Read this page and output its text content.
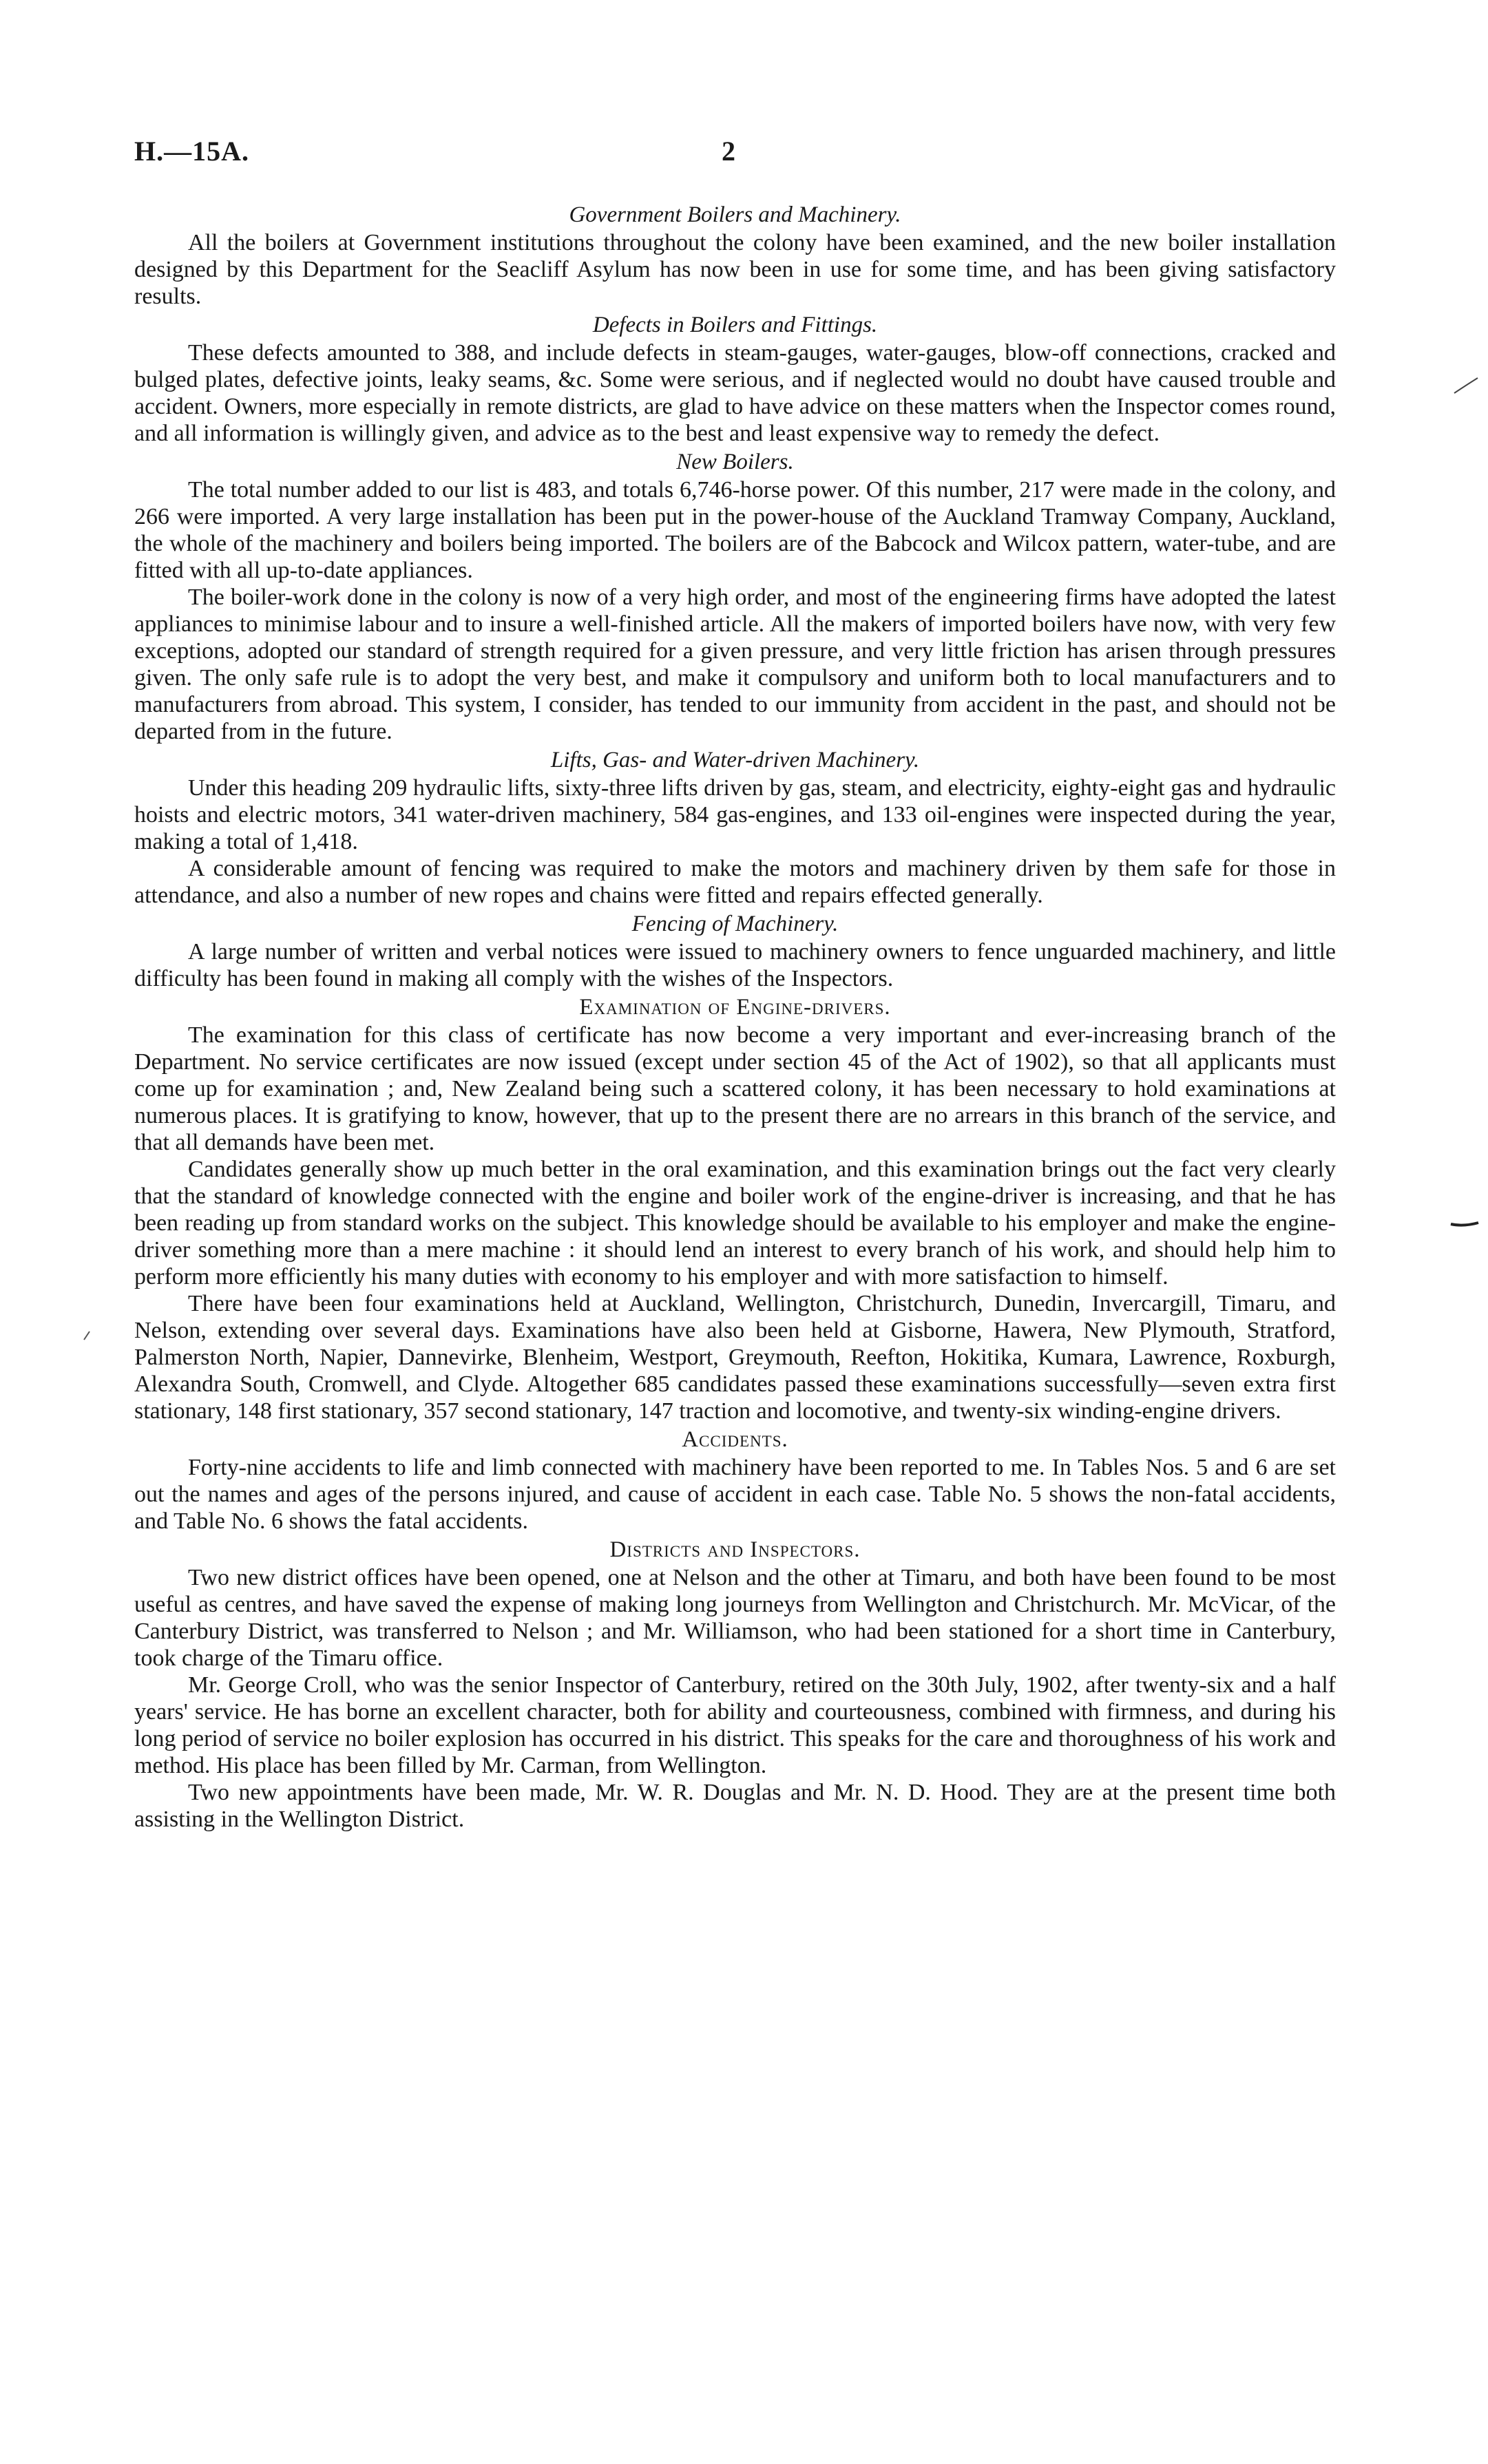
H.—15A.	2
Government Boilers and Machinery.

All the boilers at Government institutions throughout the colony have been examined, and the new boiler installation designed by this Department for the Seacliff Asylum has now been in use for some time, and has been giving satisfactory results.

Defects in Boilers and Fittings.

These defects amounted to 388, and include defects in steam-gauges, water-gauges, blow-off connections, cracked and bulged plates, defective joints, leaky seams, &c. Some were serious, and if neglected would no doubt have caused trouble and accident. Owners, more especially in remote districts, are glad to have advice on these matters when the Inspector comes round, and all information is willingly given, and advice as to the best and least expensive way to remedy the defect.

New Boilers.

The total number added to our list is 483, and totals 6,746-horse power. Of this number, 217 were made in the colony, and 266 were imported. A very large installation has been put in the power-house of the Auckland Tramway Company, Auckland, the whole of the machinery and boilers being imported. The boilers are of the Babcock and Wilcox pattern, water-tube, and are fitted with all up-to-date appliances.

The boiler-work done in the colony is now of a very high order, and most of the engineering firms have adopted the latest appliances to minimise labour and to insure a well-finished article. All the makers of imported boilers have now, with very few exceptions, adopted our standard of strength required for a given pressure, and very little friction has arisen through pressures given. The only safe rule is to adopt the very best, and make it compulsory and uniform both to local manufacturers and to manufacturers from abroad. This system, I consider, has tended to our immunity from accident in the past, and should not be departed from in the future.

Lifts, Gas- and Water-driven Machinery.

Under this heading 209 hydraulic lifts, sixty-three lifts driven by gas, steam, and electricity, eighty-eight gas and hydraulic hoists and electric motors, 341 water-driven machinery, 584 gas-engines, and 133 oil-engines were inspected during the year, making a total of 1,418.

A considerable amount of fencing was required to make the motors and machinery driven by them safe for those in attendance, and also a number of new ropes and chains were fitted and repairs effected generally.

Fencing of Machinery.

A large number of written and verbal notices were issued to machinery owners to fence unguarded machinery, and little difficulty has been found in making all comply with the wishes of the Inspectors.

Examination of Engine-drivers.

The examination for this class of certificate has now become a very important and ever-increasing branch of the Department. No service certificates are now issued (except under section 45 of the Act of 1902), so that all applicants must come up for examination ; and, New Zealand being such a scattered colony, it has been necessary to hold examinations at numerous places. It is gratifying to know, however, that up to the present there are no arrears in this branch of the service, and that all demands have been met.

Candidates generally show up much better in the oral examination, and this examination brings out the fact very clearly that the standard of knowledge connected with the engine and boiler work of the engine-driver is increasing, and that he has been reading up from standard works on the subject. This knowledge should be available to his employer and make the engine-driver something more than a mere machine : it should lend an interest to every branch of his work, and should help him to perform more efficiently his many duties with economy to his employer and with more satisfaction to himself.

There have been four examinations held at Auckland, Wellington, Christchurch, Dunedin, Invercargill, Timaru, and Nelson, extending over several days. Examinations have also been held at Gisborne, Hawera, New Plymouth, Stratford, Palmerston North, Napier, Dannevirke, Blenheim, Westport, Greymouth, Reefton, Hokitika, Kumara, Lawrence, Roxburgh, Alexandra South, Cromwell, and Clyde. Altogether 685 candidates passed these examinations successfully—seven extra first stationary, 148 first stationary, 357 second stationary, 147 traction and locomotive, and twenty-six winding-engine drivers.

Accidents.

Forty-nine accidents to life and limb connected with machinery have been reported to me. In Tables Nos. 5 and 6 are set out the names and ages of the persons injured, and cause of accident in each case. Table No. 5 shows the non-fatal accidents, and Table No. 6 shows the fatal accidents.

Districts and Inspectors.

Two new district offices have been opened, one at Nelson and the other at Timaru, and both have been found to be most useful as centres, and have saved the expense of making long journeys from Wellington and Christchurch. Mr. McVicar, of the Canterbury District, was transferred to Nelson ; and Mr. Williamson, who had been stationed for a short time in Canterbury, took charge of the Timaru office.

Mr. George Croll, who was the senior Inspector of Canterbury, retired on the 30th July, 1902, after twenty-six and a half years' service. He has borne an excellent character, both for ability and courteousness, combined with firmness, and during his long period of service no boiler explosion has occurred in his district. This speaks for the care and thoroughness of his work and method. His place has been filled by Mr. Carman, from Wellington.

Two new appointments have been made, Mr. W. R. Douglas and Mr. N. D. Hood. They are at the present time both assisting in the Wellington District.
